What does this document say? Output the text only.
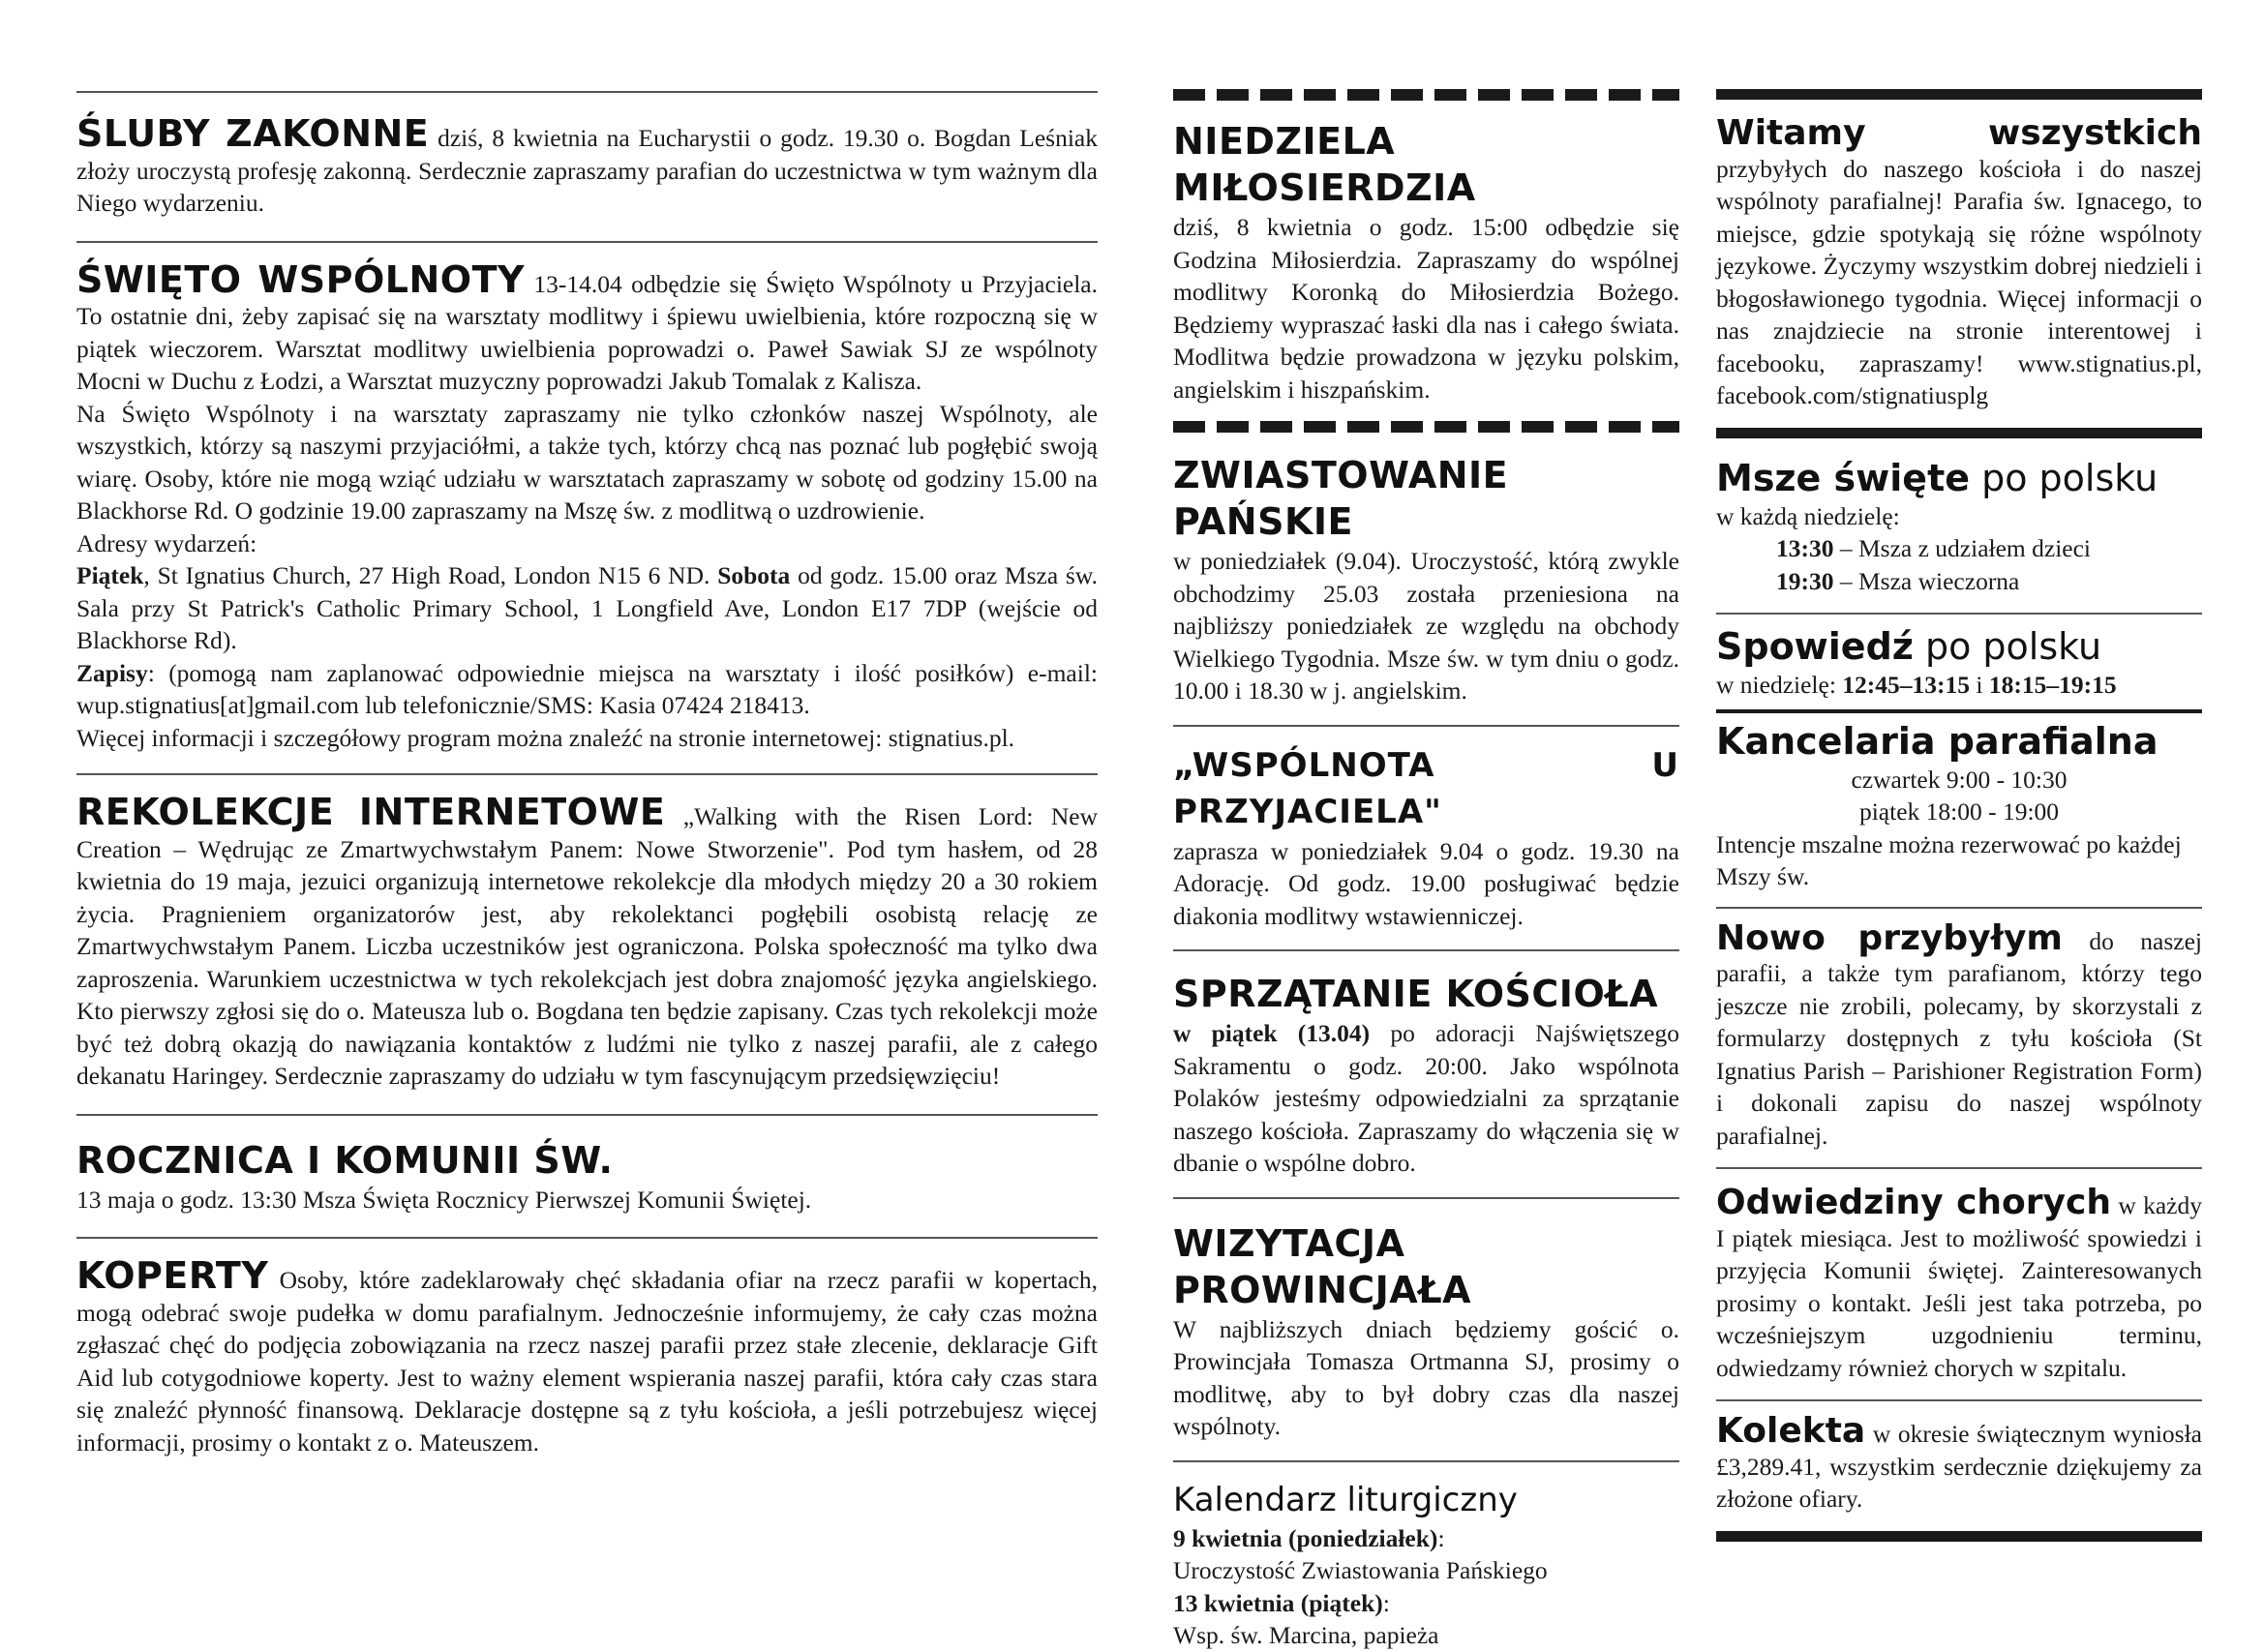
ŚLUBY ZAKONNE dziś, 8 kwietnia na Eucharystii o godz. 19.30 o. Bogdan Leśniak złoży uroczystą profesję zakonną. Serdecznie zapraszamy parafian do uczestnictwa w tym ważnym dla Niego wydarzeniu.

ŚWIĘTO WSPÓLNOTY 13-14.04 odbędzie się Święto Wspólnoty u Przyjaciela. To ostatnie dni, żeby zapisać się na warsztaty modlitwy i śpiewu uwielbienia, które rozpoczną się w piątek wieczorem. Warsztat modlitwy uwielbienia poprowadzi o. Paweł Sawiak SJ ze wspólnoty Mocni w Duchu z Łodzi, a Warsztat muzyczny poprowadzi Jakub Tomalak z Kalisza.

Na Święto Wspólnoty i na warsztaty zapraszamy nie tylko członków naszej Wspólnoty, ale wszystkich, którzy są naszymi przyjaciółmi, a także tych, którzy chcą nas poznać lub pogłębić swoją wiarę. Osoby, które nie mogą wziąć udziału w warsztatach zapraszamy w sobotę od godziny 15.00 na Blackhorse Rd. O godzinie 19.00 zapraszamy na Mszę św. z modlitwą o uzdrowienie.

Adresy wydarzeń:

Piątek, St Ignatius Church, 27 High Road, London N15 6 ND. Sobota od godz. 15.00 oraz Msza św. Sala przy St Patrick's Catholic Primary School, 1 Longfield Ave, London E17 7DP (wejście od Blackhorse Rd).

Zapisy: (pomogą nam zaplanować odpowiednie miejsca na warsztaty i ilość posiłków) e-mail: wup.stignatius[at]gmail.com lub telefonicznie/SMS: Kasia 07424 218413.

Więcej informacji i szczegółowy program można znaleźć na stronie internetowej: stignatius.pl.

REKOLEKCJE INTERNETOWE „Walking with the Risen Lord: New Creation – Wędrując ze Zmartwychwstałym Panem: Nowe Stworzenie". Pod tym hasłem, od 28 kwietnia do 19 maja, jezuici organizują internetowe rekolekcje dla młodych między 20 a 30 rokiem życia. Pragnieniem organizatorów jest, aby rekolektanci pogłębili osobistą relację ze Zmartwychwstałym Panem. Liczba uczestników jest ograniczona. Polska społeczność ma tylko dwa zaproszenia. Warunkiem uczestnictwa w tych rekolekcjach jest dobra znajomość języka angielskiego. Kto pierwszy zgłosi się do o. Mateusza lub o. Bogdana ten będzie zapisany. Czas tych rekolekcji może być też dobrą okazją do nawiązania kontaktów z ludźmi nie tylko z naszej parafii, ale z całego dekanatu Haringey. Serdecznie zapraszamy do udziału w tym fascynującym przedsięwzięciu!
ROCZNICA I KOMUNII ŚW.

13 maja o godz. 13:30 Msza Święta Rocznicy Pierwszej Komunii Świętej.

KOPERTY Osoby, które zadeklarowały chęć składania ofiar na rzecz parafii w kopertach, mogą odebrać swoje pudełka w domu parafialnym. Jednocześnie informujemy, że cały czas można zgłaszać chęć do podjęcia zobowiązania na rzecz naszej parafii przez stałe zlecenie, deklaracje Gift Aid lub cotygodniowe koperty. Jest to ważny element wspierania naszej parafii, która cały czas stara się znaleźć płynność finansową. Deklaracje dostępne są z tyłu kościoła, a jeśli potrzebujesz więcej informacji, prosimy o kontakt z o. Mateuszem.
NIEDZIELA MIŁOSIERDZIA

dziś, 8 kwietnia o godz. 15:00 odbędzie się Godzina Miłosierdzia. Zapraszamy do wspólnej modlitwy Koronką do Miłosierdzia Bożego. Będziemy wypraszać łaski dla nas i całego świata. Modlitwa będzie prowadzona w języku polskim, angielskim i hiszpańskim.

ZWIASTOWANIE PAŃSKIE

w poniedziałek (9.04). Uroczystość, którą zwykle obchodzimy 25.03 została przeniesiona na najbliższy poniedziałek ze względu na obchody Wielkiego Tygodnia. Msze św. w tym dniu o godz. 10.00 i 18.30 w j. angielskim.

„WSPÓLNOTA U PRZYJACIELA"

zaprasza w poniedziałek 9.04 o godz. 19.30 na Adorację. Od godz. 19.00 posługiwać będzie diakonia modlitwy wstawienniczej.

SPRZĄTANIE KOŚCIOŁA

w piątek (13.04) po adoracji Najświętszego Sakramentu o godz. 20:00. Jako wspólnota Polaków jesteśmy odpowiedzialni za sprzątanie naszego kościoła. Zapraszamy do włączenia się w dbanie o wspólne dobro.

WIZYTACJA PROWINCJAŁA

W najbliższych dniach będziemy gościć o. Prowincjała Tomasza Ortmanna SJ, prosimy o modlitwę, aby to był dobry czas dla naszej wspólnoty.

Kalendarz liturgiczny

9 kwietnia (poniedziałek):

Uroczystość Zwiastowania Pańskiego

13 kwietnia (piątek):

Wsp. św. Marcina, papieża

Witamy wszystkich przybyłych do naszego kościoła i do naszej wspólnoty parafialnej! Parafia św. Ignacego, to miejsce, gdzie spotykają się różne wspólnoty językowe. Życzymy wszystkim dobrej niedzieli i błogosławionego tygodnia. Więcej informacji o nas znajdziecie na stronie interentowej i facebooku, zapraszamy! www.stignatius.pl, facebook.com/stignatiusplg
Msze święte po polsku

w każdą niedzielę:

13:30 – Msza z udziałem dzieci

19:30 – Msza wieczorna

Spowiedź po polsku

w niedzielę: 12:45–13:15 i 18:15–19:15

Kancelaria parafialna

czwartek 9:00 - 10:30

piątek 18:00 - 19:00

Intencje mszalne można rezerwować po każdej Mszy św.

Nowo przybyłym do naszej parafii, a także tym parafianom, którzy tego jeszcze nie zrobili, polecamy, by skorzystali z formularzy dostępnych z tyłu kościoła (St Ignatius Parish – Parishioner Registration Form) i dokonali zapisu do naszej wspólnoty parafialnej.
Odwiedziny chorych w każdy I piątek miesiąca. Jest to możliwość spowiedzi i przyjęcia Komunii świętej. Zainteresowanych prosimy o kontakt. Jeśli jest taka potrzeba, po wcześniejszym uzgodnieniu terminu, odwiedzamy również chorych w szpitalu.
Kolekta w okresie świątecznym wyniosła £3,289.41, wszystkim serdecznie dziękujemy za złożone ofiary.
